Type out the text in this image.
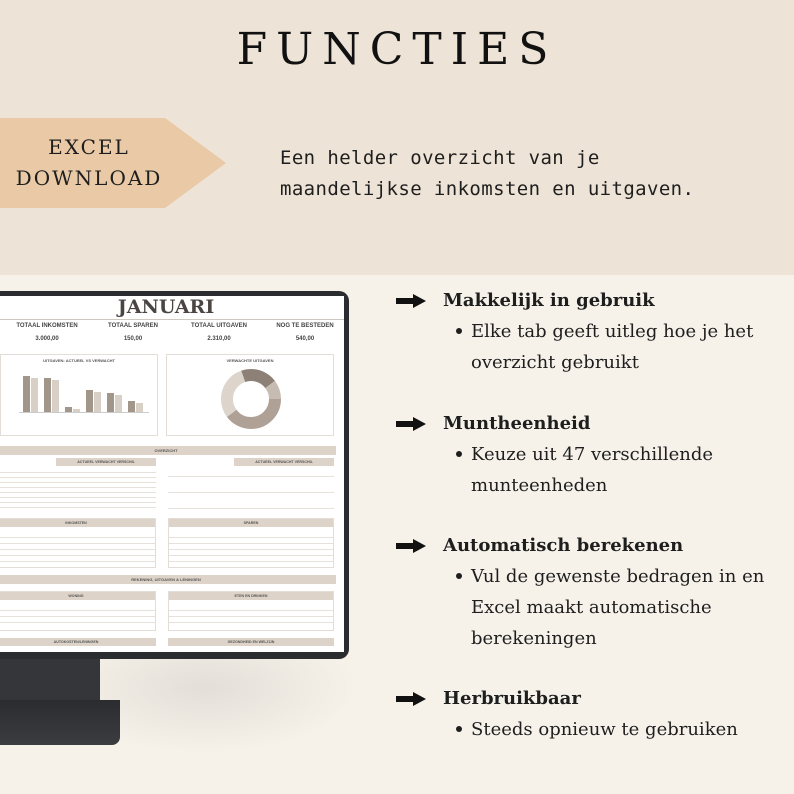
FUNCTIES
EXCEL
DOWNLOAD
Een helder overzicht van je
maandelijkse inkomsten en uitgaven.
JANUARI
TOTAAL INKOMSTEN
3.000,00
TOTAAL SPAREN
150,00
TOTAAL UITGAVEN
2.310,00
NOG TE BESTEDEN
540,00
UITGAVEN: ACTUEEL VS VERWACHT	VERWACHTE UITGAVEN
OVERZICHT
ACTUEEL VERWACHT VERSCHIL	ACTUEEL VERWACHT VERSCHIL
INKOMSTEN	SPAREN
REKENING, UITGAVEN & LENINGEN
WONING	ETEN EN DRINKEN
AUTOKOSTEN/LENINGEN	GEZONDHEID EN WELZIJN
Makkelijk in gebruik
Elke tab geeft uitleg hoe je het overzicht gebruikt
Muntheenheid
Keuze uit 47 verschillende munteenheden
Automatisch berekenen
Vul de gewenste bedragen in en Excel maakt automatische berekeningen
Herbruikbaar
Steeds opnieuw te gebruiken
